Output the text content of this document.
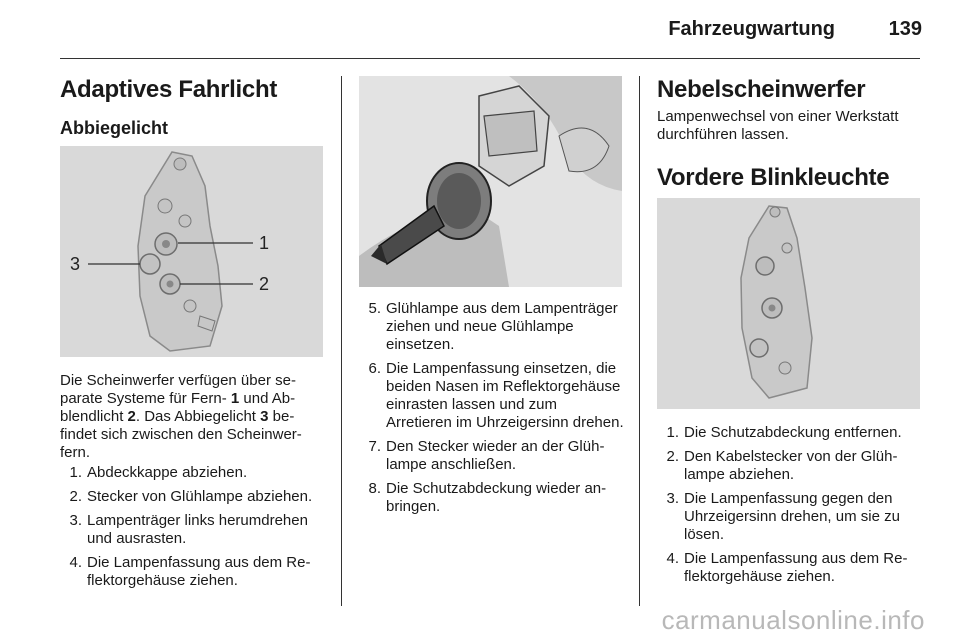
Fahrzeugwartung	139
Adaptives Fahrlicht
Abbiegelicht
1
2
3

Die Scheinwerfer verfügen über se-
parate Systeme für Fern- 1 und Ab-
blendlicht 2. Das Abbiegelicht 3 be-
findet sich zwischen den Scheinwer-
fern.

1. Abdeckkappe abziehen.
2. Stecker von Glühlampe abziehen.
3. Lampenträger links herumdrehen und ausrasten.
4. Die Lampenfassung aus dem Reflektorgehäuse ziehen.
5. Glühlampe aus dem Lampenträger ziehen und neue Glühlampe einsetzen.
6. Die Lampenfassung einsetzen, die beiden Nasen im Reflektorgehäuse einrasten lassen und zum Arretieren im Uhrzeigersinn drehen.
7. Den Stecker wieder an der Glühlampe anschließen.
8. Die Schutzabdeckung wieder anbringen.
Nebelscheinwerfer

Lampenwechsel von einer Werkstatt durchführen lassen.

Vordere Blinkleuchte
1. Die Schutzabdeckung entfernen.
2. Den Kabelstecker von der Glühlampe abziehen.
3. Die Lampenfassung gegen den Uhrzeigersinn drehen, um sie zu lösen.
4. Die Lampenfassung aus dem Reflektorgehäuse ziehen.
carmanualsonline.info
